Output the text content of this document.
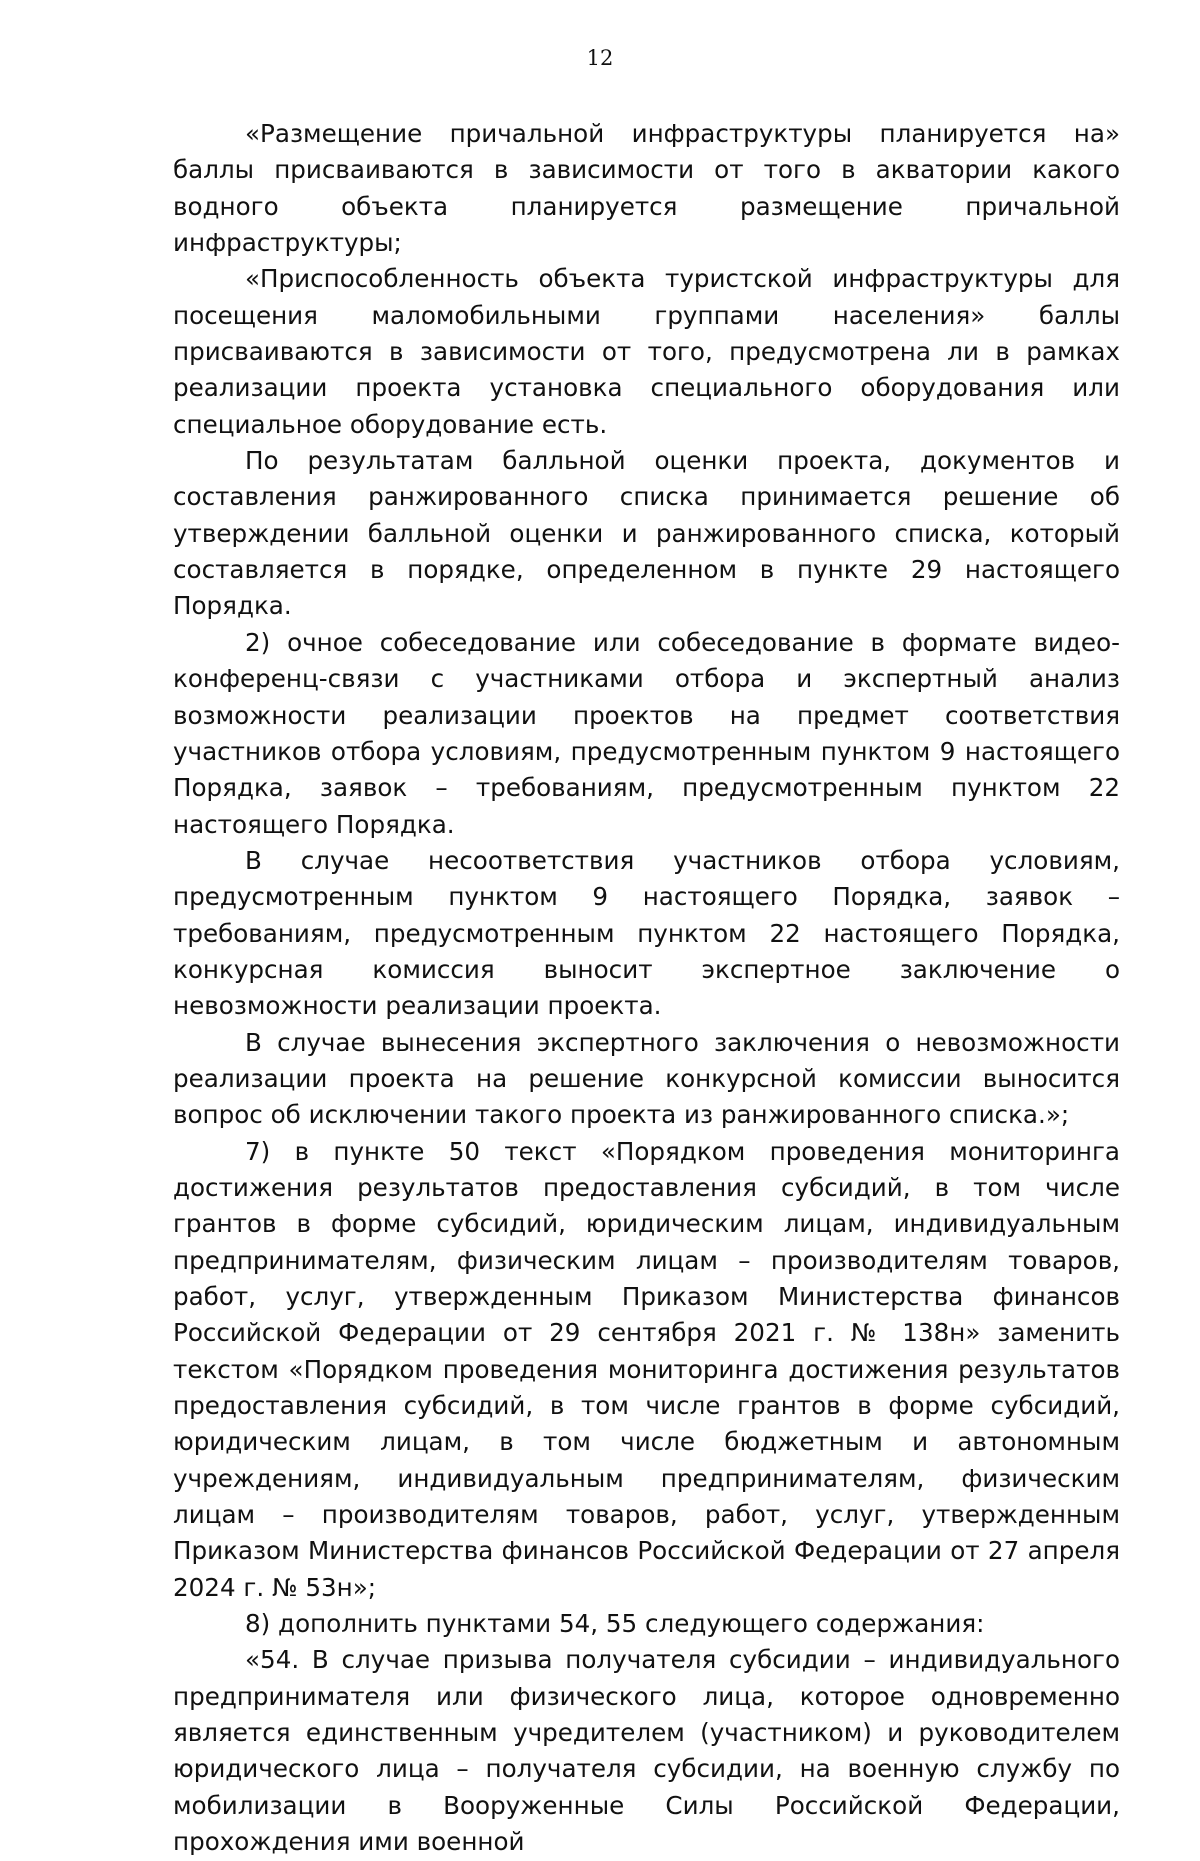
12

«Размещение причальной инфраструктуры планируется на» баллы присваиваются в зависимости от того в акватории какого водного объекта планируется размещение причальной инфраструктуры;

«Приспособленность объекта туристской инфраструктуры для посещения маломобильными группами населения» баллы присваиваются в зависимости от того, предусмотрена ли в рамках реализации проекта установка специального оборудования или специальное оборудование есть.

По результатам балльной оценки проекта, документов и составления ранжированного списка принимается решение об утверждении балльной оценки и ранжированного списка, который составляется в порядке, определенном в пункте 29 настоящего Порядка.

2) очное собеседование или собеседование в формате видео-конференц-связи с участниками отбора и экспертный анализ возможности реализации проектов на предмет соответствия участников отбора условиям, предусмотренным пунктом 9 настоящего Порядка, заявок – требованиям, предусмотренным пунктом 22 настоящего Порядка.

В случае несоответствия участников отбора условиям, предусмотренным пунктом 9 настоящего Порядка, заявок – требованиям, предусмотренным пунктом 22 настоящего Порядка, конкурсная комиссия выносит экспертное заключение о невозможности реализации проекта.

В случае вынесения экспертного заключения о невозможности реализации проекта на решение конкурсной комиссии выносится вопрос об исключении такого проекта из ранжированного списка.»;

7) в пункте 50 текст «Порядком проведения мониторинга достижения результатов предоставления субсидий, в том числе грантов в форме субсидий, юридическим лицам, индивидуальным предпринимателям, физическим лицам – производителям товаров, работ, услуг, утвержденным Приказом Министерства финансов Российской Федерации от 29 сентября 2021 г. № 138н» заменить текстом «Порядком проведения мониторинга достижения результатов предоставления субсидий, в том числе грантов в форме субсидий, юридическим лицам, в том числе бюджетным и автономным учреждениям, индивидуальным предпринимателям, физическим лицам – производителям товаров, работ, услуг, утвержденным Приказом Министерства финансов Российской Федерации от 27 апреля 2024 г. № 53н»;

8) дополнить пунктами 54, 55 следующего содержания:

«54. В случае призыва получателя субсидии – индивидуального предпринимателя или физического лица, которое одновременно является единственным учредителем (участником) и руководителем юридического лица – получателя субсидии, на военную службу по мобилизации в Вооруженные Силы Российской Федерации, прохождения ими военной
